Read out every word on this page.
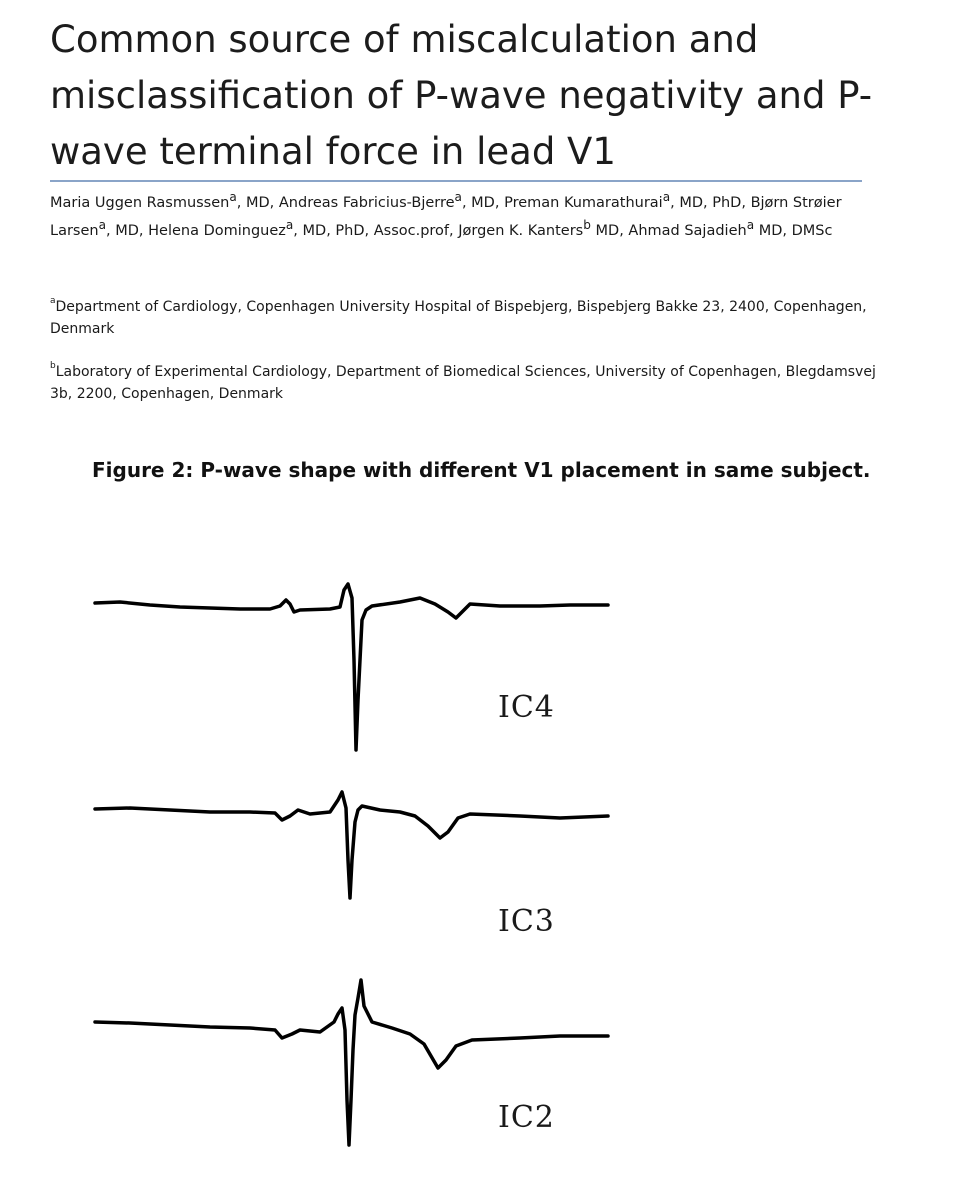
Common source of miscalculation and misclassification of P-wave negativity and P-wave terminal force in lead V1

Maria Uggen Rasmussen$^a$, MD, Andreas Fabricius-Bjerre$^a$, MD, Preman Kumarathurai$^a$, MD, PhD, Bjørn Strøier Larsen$^a$, MD, Helena Dominguez$^a$, MD, PhD, Assoc.prof, Jørgen K. Kanters$^b$ MD, Ahmad Sajadieh$^a$ MD, DMSc

$^a$Department of Cardiology, Copenhagen University Hospital of Bispebjerg, Bispebjerg Bakke 23, 2400, Copenhagen, Denmark

$^b$Laboratory of Experimental Cardiology, Department of Biomedical Sciences, University of Copenhagen, Blegdamsvej 3b, 2200, Copenhagen, Denmark

Figure 2: P-wave shape with different V1 placement in same subject.

IC4
IC3
IC2
